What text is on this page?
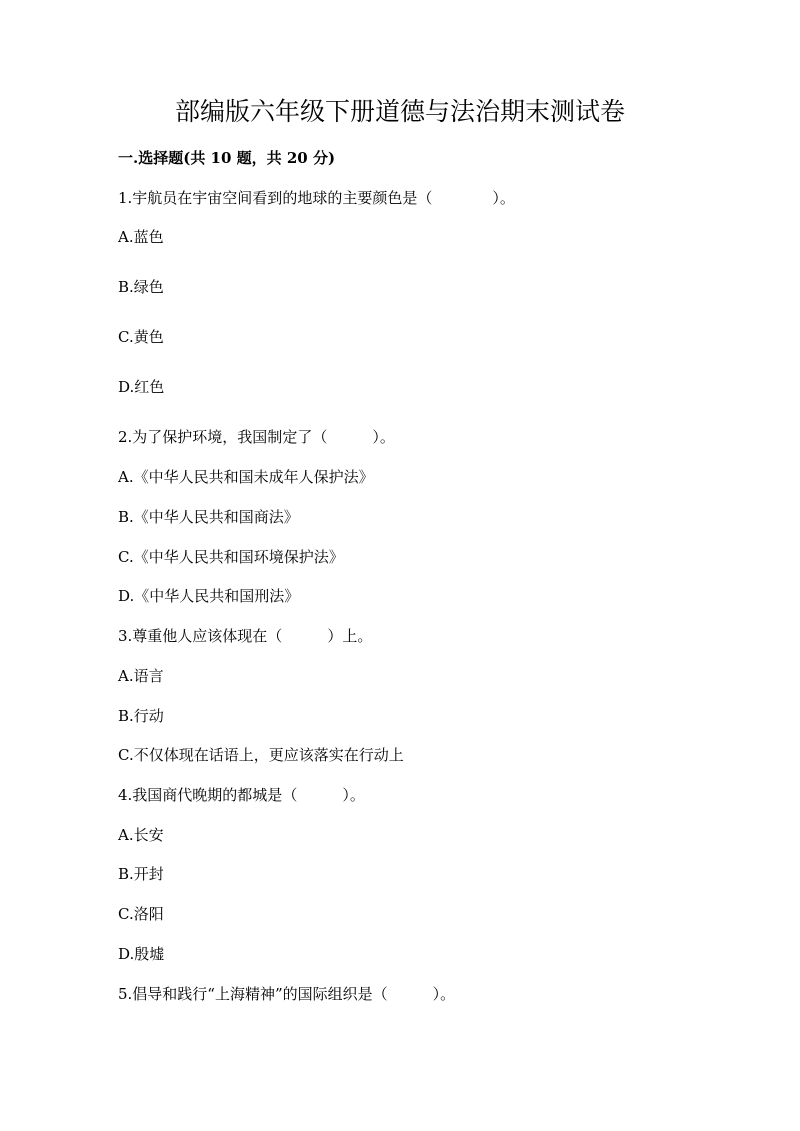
部编版六年级下册道德与法治期末测试卷
一.选择题(共 10 题，共 20 分)
1.宇航员在宇宙空间看到的地球的主要颜色是（　　　　）。
A.蓝色
B.绿色
C.黄色
D.红色
2.为了保护环境，我国制定了（　　　）。
A.《中华人民共和国未成年人保护法》
B.《中华人民共和国商法》
C.《中华人民共和国环境保护法》
D.《中华人民共和国刑法》
3.尊重他人应该体现在（　　　）上。
A.语言
B.行动
C.不仅体现在话语上，更应该落实在行动上
4.我国商代晚期的都城是（　　　）。
A.长安
B.开封
C.洛阳
D.殷墟
5.倡导和践行“上海精神”的国际组织是（　　　）。
